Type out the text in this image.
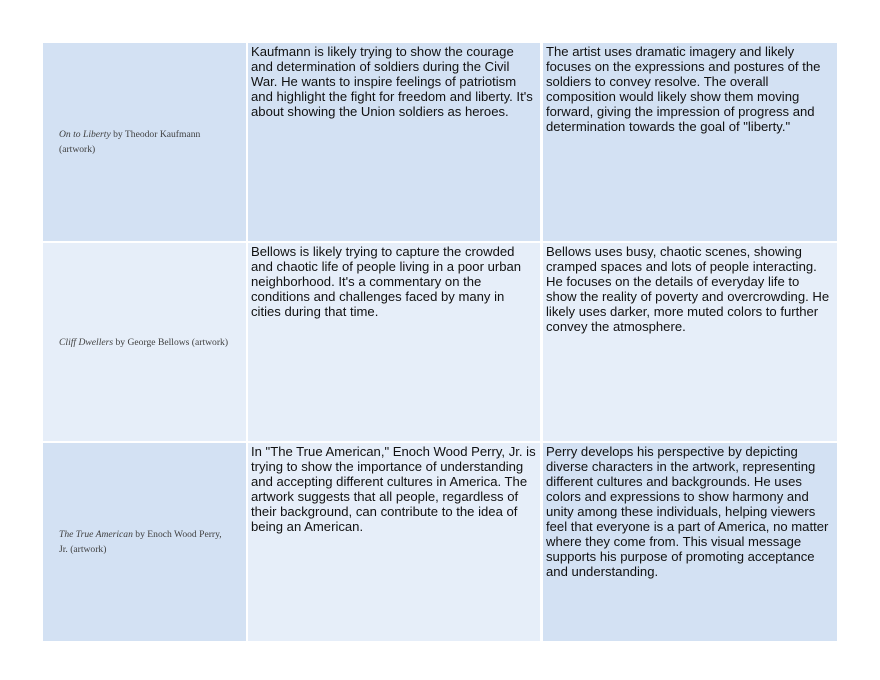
On to Liberty by Theodor Kaufmann (artwork)
Kaufmann is likely trying to show the courage and determination of soldiers during the Civil War. He wants to inspire feelings of patriotism and highlight the fight for freedom and liberty. It's about showing the Union soldiers as heroes.
The artist uses dramatic imagery and likely focuses on the expressions and postures of the soldiers to convey resolve. The overall composition would likely show them moving forward, giving the impression of progress and determination towards the goal of "liberty."
Cliff Dwellers by George Bellows (artwork)
Bellows is likely trying to capture the crowded and chaotic life of people living in a poor urban neighborhood. It's a commentary on the conditions and challenges faced by many in cities during that time.
Bellows uses busy, chaotic scenes, showing cramped spaces and lots of people interacting. He focuses on the details of everyday life to show the reality of poverty and overcrowding. He likely uses darker, more muted colors to further convey the atmosphere.
The True American by Enoch Wood Perry, Jr. (artwork)
In "The True American," Enoch Wood Perry, Jr. is trying to show the importance of understanding and accepting different cultures in America. The artwork suggests that all people, regardless of their background, can contribute to the idea of being an American.
Perry develops his perspective by depicting diverse characters in the artwork, representing different cultures and backgrounds. He uses colors and expressions to show harmony and unity among these individuals, helping viewers feel that everyone is a part of America, no matter where they come from. This visual message supports his purpose of promoting acceptance and understanding.
